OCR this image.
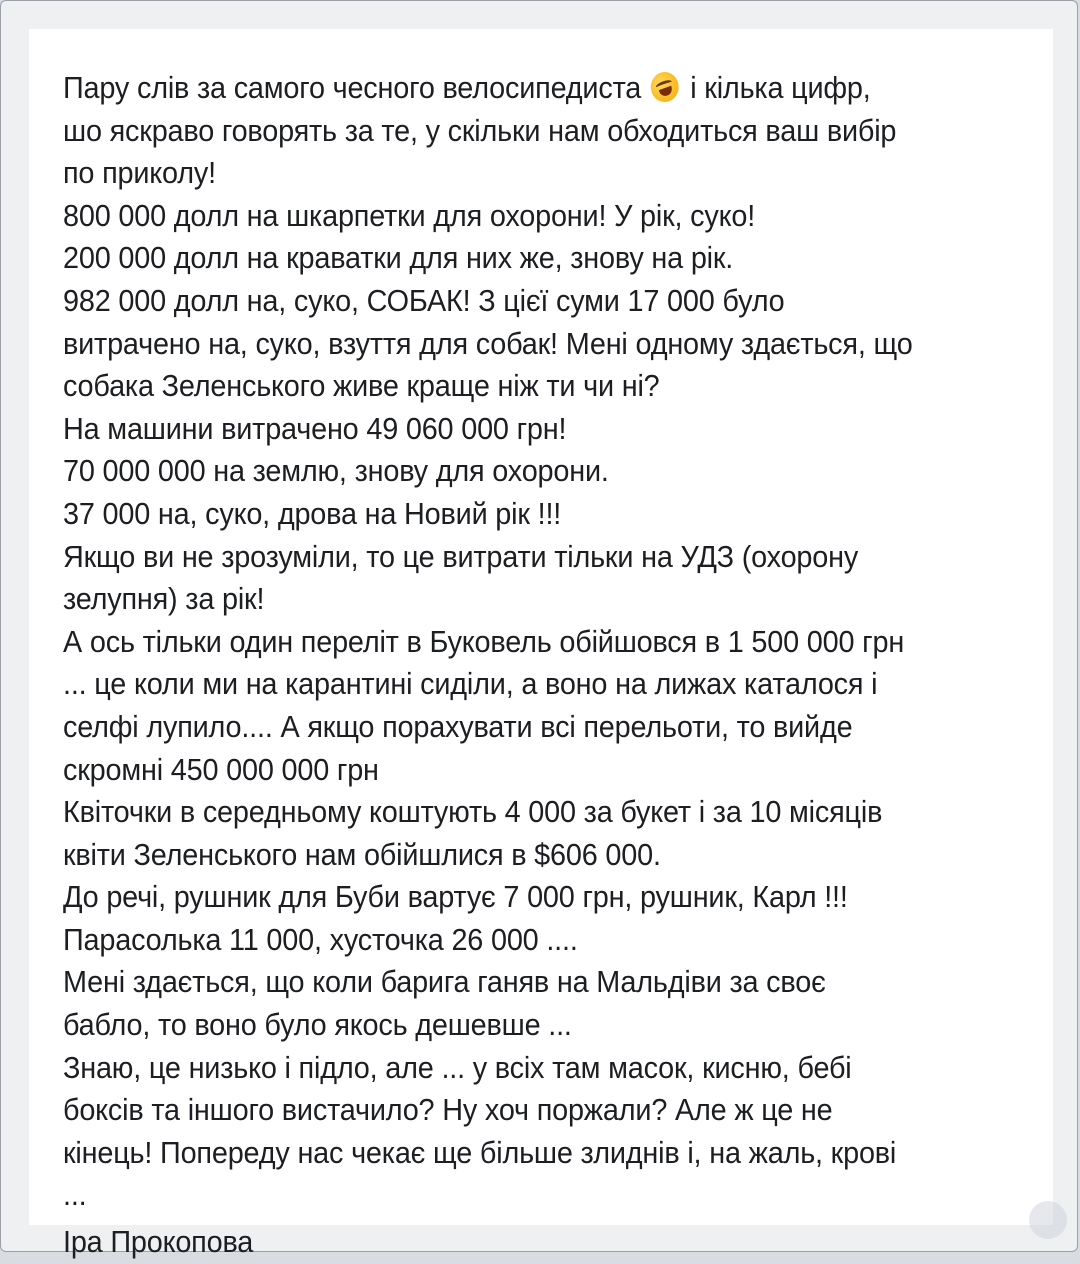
Пару слів за самого чесного велосипедиста  і кілька цифр,
шо яскраво говорять за те, у скільки нам обходиться ваш вибір
по приколу!
800 000 долл на шкарпетки для охорони! У рік, суко!
200 000 долл на краватки для них же, знову на рік.
982 000 долл на, суко, СОБАК! З цієї суми 17 000 було
витрачено на, суко, взуття для собак! Мені одному здається, що
собака Зеленського живе краще ніж ти чи ні?
На машини витрачено 49 060 000 грн!
70 000 000 на землю, знову для охорони.
37 000 на, суко, дрова на Новий рік !!!
Якщо ви не зрозуміли, то це витрати тільки на УДЗ (охорону
зелупня) за рік!
А ось тільки один переліт в Буковель обійшовся в 1 500 000 грн
... це коли ми на карантині сиділи, а воно на лижах каталося і
селфі лупило.... А якщо порахувати всі перельоти, то вийде
скромні 450 000 000 грн
Квіточки в середньому коштують 4 000 за букет і за 10 місяців
квіти Зеленського нам обійшлися в $606 000.
До речі, рушник для Буби вартує 7 000 грн, рушник, Карл !!!
Парасолька 11 000, хусточка 26 000 ....
Мені здається, що коли барига ганяв на Мальдіви за своє
бабло, то воно було якось дешевше ...
Знаю, це низько і підло, але ... у всіх там масок, кисню, бебі
боксів та іншого вистачило? Ну хоч поржали? Але ж це не
кінець! Попереду нас чекає ще більше злиднів і, на жаль, крові
...
Іра Прокопова
